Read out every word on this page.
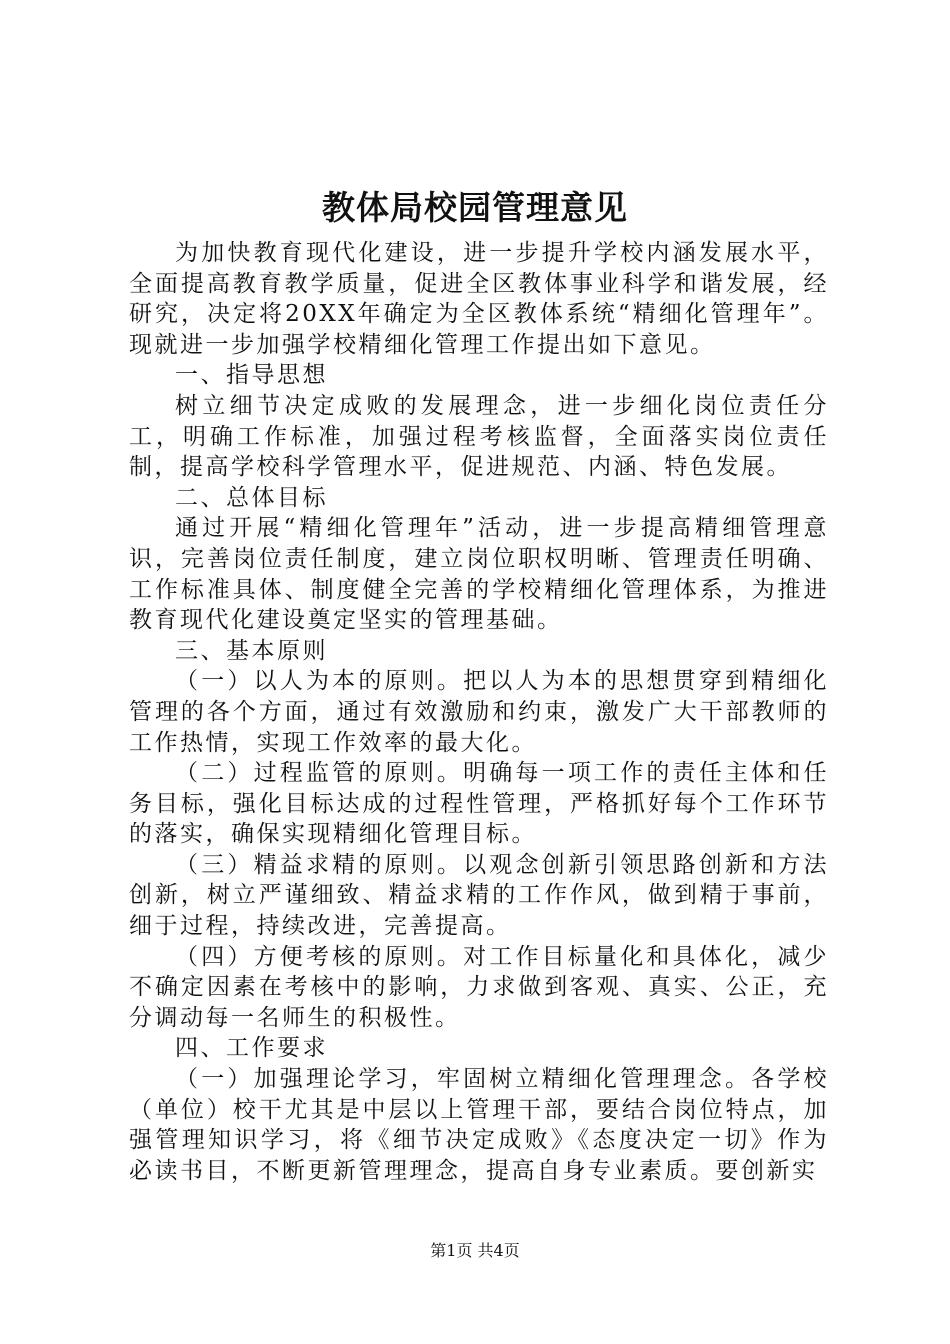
教体局校园管理意见

为加快教育现代化建设，进一步提升学校内涵发展水平，全面提高教育教学质量，促进全区教体事业科学和谐发展，经研究，决定将20XX年确定为全区教体系统“精细化管理年”。现就进一步加强学校精细化管理工作提出如下意见。

一、指导思想

树立细节决定成败的发展理念，进一步细化岗位责任分工，明确工作标准，加强过程考核监督，全面落实岗位责任制，提高学校科学管理水平，促进规范、内涵、特色发展。

二、总体目标

通过开展“精细化管理年”活动，进一步提高精细管理意识，完善岗位责任制度，建立岗位职权明晰、管理责任明确、工作标准具体、制度健全完善的学校精细化管理体系，为推进教育现代化建设奠定坚实的管理基础。

三、基本原则

（一）以人为本的原则。把以人为本的思想贯穿到精细化管理的各个方面，通过有效激励和约束，激发广大干部教师的工作热情，实现工作效率的最大化。

（二）过程监管的原则。明确每一项工作的责任主体和任务目标，强化目标达成的过程性管理，严格抓好每个工作环节的落实，确保实现精细化管理目标。

（三）精益求精的原则。以观念创新引领思路创新和方法创新，树立严谨细致、精益求精的工作作风，做到精于事前，细于过程，持续改进，完善提高。

（四）方便考核的原则。对工作目标量化和具体化，减少不确定因素在考核中的影响，力求做到客观、真实、公正，充分调动每一名师生的积极性。

四、工作要求

（一）加强理论学习，牢固树立精细化管理理念。各学校（单位）校干尤其是中层以上管理干部，要结合岗位特点，加强管理知识学习，将《细节决定成败》《态度决定一切》作为必读书目，不断更新管理理念，提高自身专业素质。要创新实

第1页 共4页
